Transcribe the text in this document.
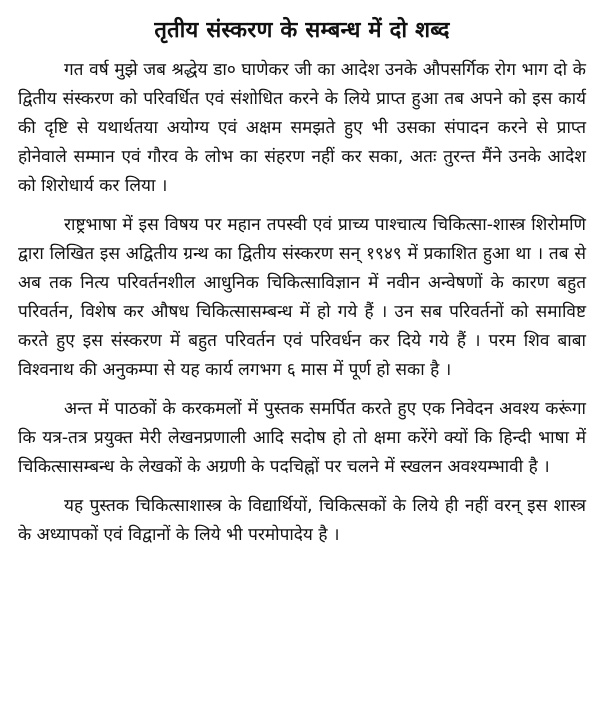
तृतीय संस्करण के सम्बन्ध में दो शब्द

गत वर्ष मुझे जब श्रद्धेय डा० घाणेकर जी का आदेश उनके औपसर्गिक रोग भाग दो के द्वितीय संस्करण को परिवर्धित एवं संशोधित करने के लिये प्राप्त हुआ तब अपने को इस कार्य की दृष्टि से यथार्थतया अयोग्य एवं अक्षम समझते हुए भी उसका संपादन करने से प्राप्त होनेवाले सम्मान एवं गौरव के लोभ का संहरण नहीं कर सका, अतः तुरन्त मैंने उनके आदेश को शिरोधार्य कर लिया ।

राष्ट्रभाषा में इस विषय पर महान तपस्वी एवं प्राच्य पाश्चात्य चिकित्सा-शास्त्र शिरोमणि द्वारा लिखित इस अद्वितीय ग्रन्थ का द्वितीय संस्करण सन् १९४९ में प्रकाशित हुआ था । तब से अब तक नित्य परिवर्तनशील आधुनिक चिकित्साविज्ञान में नवीन अन्वेषणों के कारण बहुत परिवर्तन, विशेष कर औषध चिकित्सासम्बन्ध में हो गये हैं । उन सब परिवर्तनों को समाविष्ट करते हुए इस संस्करण में बहुत परिवर्तन एवं परिवर्धन कर दिये गये हैं । परम शिव बाबा विश्वनाथ की अनुकम्पा से यह कार्य लगभग ६ मास में पूर्ण हो सका है ।

अन्त में पाठकों के करकमलों में पुस्तक समर्पित करते हुए एक निवेदन अवश्य करूंगा कि यत्र-तत्र प्रयुक्त मेरी लेखनप्रणाली आदि सदोष हो तो क्षमा करेंगे क्यों कि हिन्दी भाषा में चिकित्सासम्बन्ध के लेखकों के अग्रणी के पदचिह्नों पर चलने में स्खलन अवश्यम्भावी है ।

यह पुस्तक चिकित्साशास्त्र के विद्यार्थियों, चिकित्सकों के लिये ही नहीं वरन् इस शास्त्र के अध्यापकों एवं विद्वानों के लिये भी परमोपादेय है ।
